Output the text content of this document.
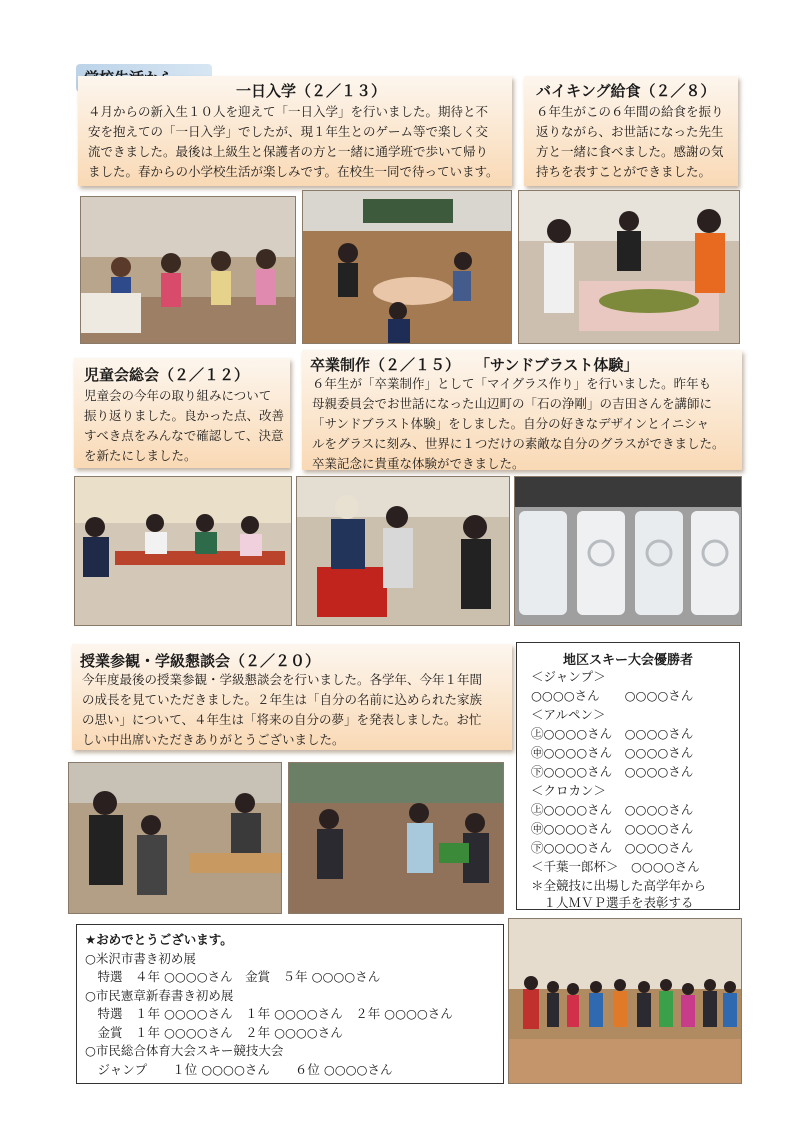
一日入学（２／１３）
４月からの新入生１０人を迎えて「一日入学」を行いました。期待と不
安を抱えての「一日入学」でしたが、現１年生とのゲーム等で楽しく交
流できました。最後は上級生と保護者の方と一緒に通学班で歩いて帰り
ました。春からの小学校生活が楽しみです。在校生一同で待っています。
バイキング給食（２／８）
６年生がこの６年間の給食を振り
返りながら、お世話になった先生
方と一緒に食べました。感謝の気
持ちを表すことができました。
児童会総会（２／１２）
児童会の今年の取り組みについて
振り返りました。良かった点、改善
すべき点をみんなで確認して、決意
を新たにしました。
卒業制作（２／１５）　　「サンドブラスト体験」
６年生が「卒業制作」として「マイグラス作り」を行いました。昨年も
母親委員会でお世話になった山辺町の「石の浄剛」の吉田さんを講師に
「サンドブラスト体験」をしました。自分の好きなデザインとイニシャ
ルをグラスに刻み、世界に１つだけの素敵な自分のグラスができました。
卒業記念に貴重な体験ができました。
授業参観・学級懇談会（２／２０）
今年度最後の授業参観・学級懇談会を行いました。各学年、今年１年間
の成長を見ていただきました。２年生は「自分の名前に込められた家族
の思い」について、４年生は「将来の自分の夢」を発表しました。お忙
しい中出席いただきありがとうございました。
地区スキー大会優勝者
＜ジャンプ＞
○○○○さん　　○○○○さん
＜アルペン＞
㊤○○○○さん　○○○○さん
㊥○○○○さん　○○○○さん
㊦○○○○さん　○○○○さん
＜クロカン＞
㊤○○○○さん　○○○○さん
㊥○○○○さん　○○○○さん
㊦○○○○さん　○○○○さん
＜千葉一郎杯＞　○○○○さん
＊全競技に出場した高学年から
　１人ＭＶＰ選手を表彰する
★おめでとうございます。
○米沢市書き初め展
　特選　４年 ○○○○さん　金賞　５年 ○○○○さん
○市民憲章新春書き初め展
　特選　１年 ○○○○さん　１年 ○○○○さん　２年 ○○○○さん
　金賞　１年 ○○○○さん　２年 ○○○○さん
○市民総合体育大会スキー競技大会
　ジャンプ　　１位 ○○○○さん　　６位 ○○○○さん
